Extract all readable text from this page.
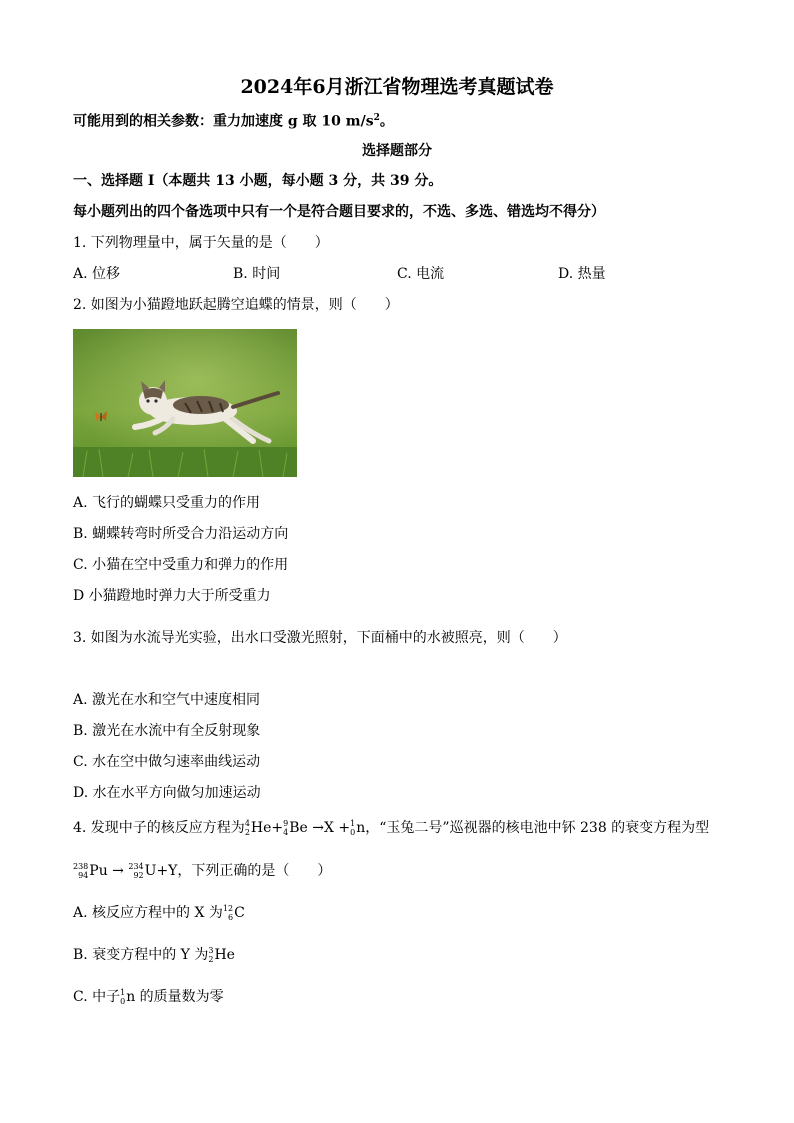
2024年6月浙江省物理选考真题试卷
可能用到的相关参数：重力加速度 g 取 10 $m/s^2$。
选择题部分
一、选择题 I（本题共 13 小题，每小题 3 分，共 39 分。
每小题列出的四个备选项中只有一个是符合题目要求的，不选、多选、错选均不得分）
1. 下列物理量中，属于矢量的是（　　）
A. 位移	B. 时间	C. 电流	D. 热量
2. 如图为小猫蹬地跃起腾空追蝶的情景，则（　　）
A. 飞行的蝴蝶只受重力的作用
B. 蝴蝶转弯时所受合力沿运动方向
C. 小猫在空中受重力和弹力的作用
D 小猫蹬地时弹力大于所受重力
3. 如图为水流导光实验，出水口受激光照射，下面桶中的水被照亮，则（　　）
A. 激光在水和空气中速度相同
B. 激光在水流中有全反射现象
C. 水在空中做匀速率曲线运动
D. 水在水平方向做匀加速运动
4. 发现中子的核反应方程为 4
2 He+ 9
4 Be →X + 1
0 n，“玉兔二号”巡视器的核电池中钚 238 的衰变方程为型
238
94 Pu → 234
92 U+Y，下列正确的是（　　）
A. 核反应方程中的 X 为 12
6 C
B. 衰变方程中的 Y 为 3
2 He
C. 中子 1
0 n 的质量数为零
